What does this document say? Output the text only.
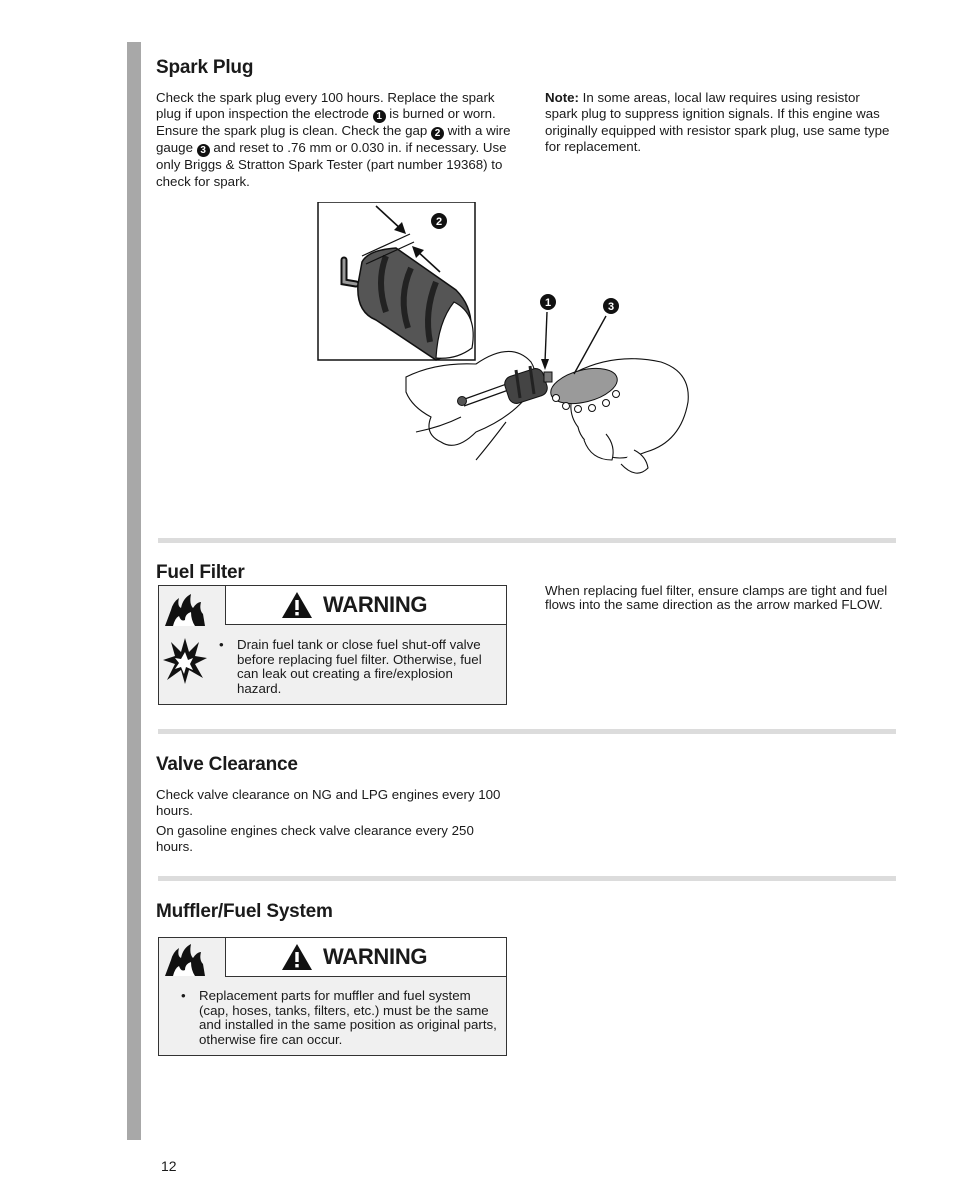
Spark Plug

Check the spark plug every 100 hours. Replace the spark plug if upon inspection the electrode 1 is burned or worn. Ensure the spark plug is clean. Check the gap 2 with a wire gauge 3 and reset to .76 mm or 0.030 in. if necessary. Use only Briggs & Stratton Spark Tester (part number 19368) to check for spark.

Note: In some areas, local law requires using resistor spark plug to suppress ignition signals. If this engine was originally equipped with resistor spark plug, use same type for replacement.

2
1	3
Fuel Filter
WARNING
• Drain fuel tank or close fuel shut-off valve before replacing fuel filter. Otherwise, fuel can leak out creating a fire/explosion hazard.

When replacing fuel filter, ensure clamps are tight and fuel flows into the same direction as the arrow marked FLOW.

Valve Clearance

Check valve clearance on NG and LPG engines every 100 hours.

On gasoline engines check valve clearance every 250 hours.

Muffler/Fuel System
WARNING
• Replacement parts for muffler and fuel system (cap, hoses, tanks, filters, etc.) must be the same and installed in the same position as original parts, otherwise fire can occur.
12
